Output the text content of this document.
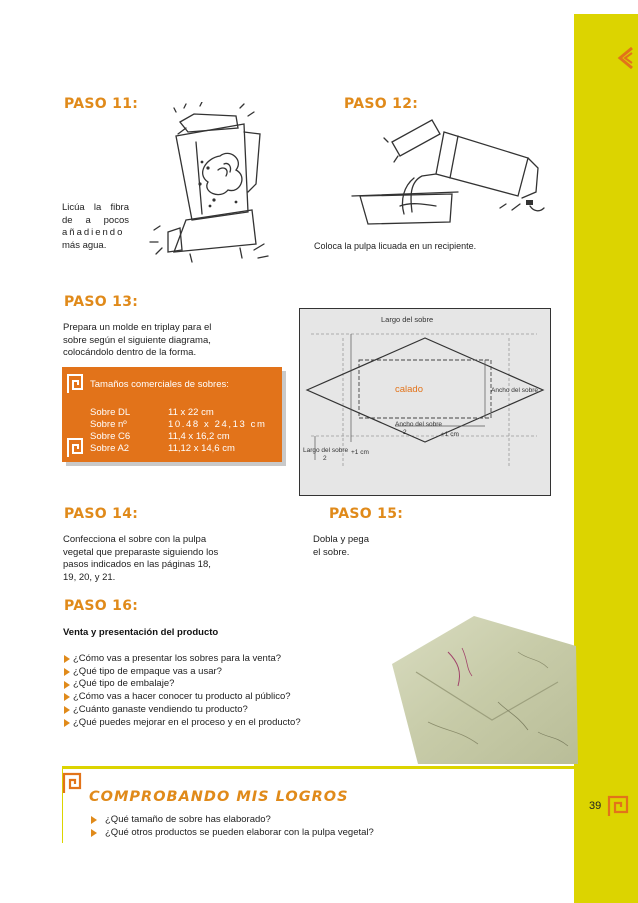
39
PASO 11:
Licúa la fibra
de a pocos
añadiendo
más agua.
PASO 12:
Coloca la pulpa licuada en un recipiente.
PASO 13:
Prepara un molde en triplay para el
sobre según el siguiente diagrama,
colocándolo dentro de la forma.
Tamaños comerciales de sobres:
Sobre DL	11 x 22 cm
Sobre nº	10.48 x 24,13 cm
Sobre C6	11,4 x 16,2 cm
Sobre A2	11,12 x 14,6 cm
Largo del sobre
calado	Ancho del sobre
Largo del sobre
2
+1 cm
Ancho del sobre
2	+1 cm
PASO 14:
Confecciona el sobre con la pulpa
vegetal que preparaste siguiendo los
pasos indicados en las páginas 18,
19, 20, y 21.
PASO 15:
Dobla y pega
el sobre.
PASO 16:
Venta y presentación del producto
¿Cómo vas a presentar los sobres para la venta?
¿Qué tipo de empaque vas a usar?
¿Qué tipo de embalaje?
¿Cómo vas a hacer conocer tu producto al público?
¿Cuánto ganaste vendiendo tu producto?
¿Qué puedes mejorar en el proceso y en el producto?
COMPROBANDO MIS LOGROS
¿Qué tamaño de sobre has elaborado?
¿Qué otros productos se pueden elaborar con la pulpa vegetal?
